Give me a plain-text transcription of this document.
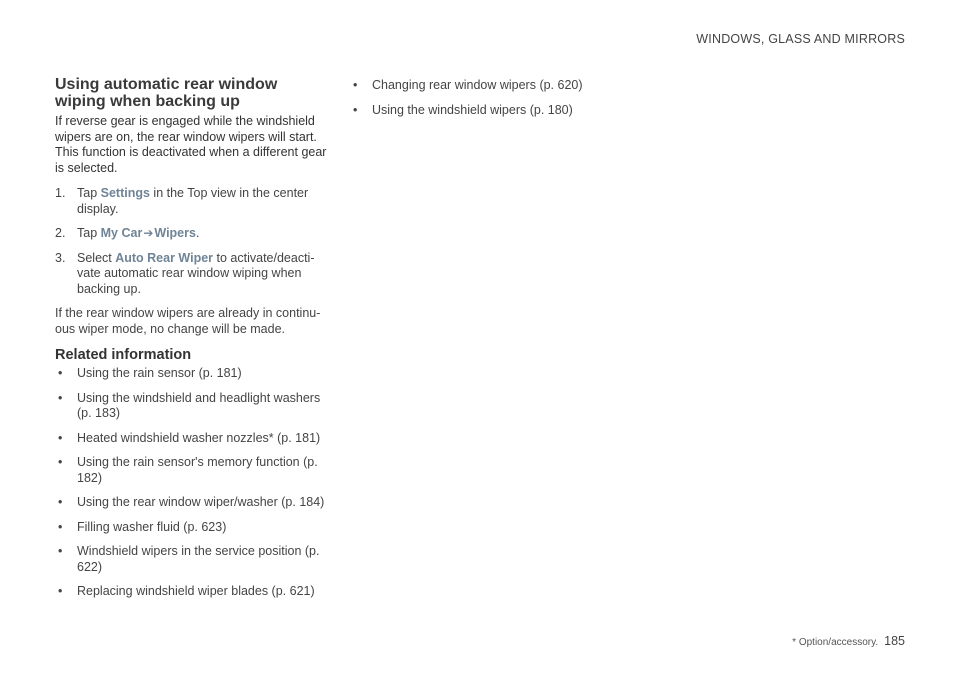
WINDOWS, GLASS AND MIRRORS
Using automatic rear window wiping when backing up

If reverse gear is engaged while the windshield wipers are on, the rear window wipers will start. This function is deactivated when a different gear is selected.

1. Tap Settings in the Top view in the center display.
2. Tap My Car➔Wipers.
3. Select Auto Rear Wiper to activate/deacti-vate automatic rear window wiping when backing up.

If the rear window wipers are already in continu-ous wiper mode, no change will be made.

Related information
• Using the rain sensor (p. 181)
• Using the windshield and headlight washers (p. 183)
• Heated windshield washer nozzles* (p. 181)
• Using the rain sensor's memory function (p. 182)
• Using the rear window wiper/washer (p. 184)
• Filling washer fluid (p. 623)
• Windshield wipers in the service position (p. 622)
• Replacing windshield wiper blades (p. 621)
• Changing rear window wipers (p. 620)
• Using the windshield wipers (p. 180)
* Option/accessory. 185
